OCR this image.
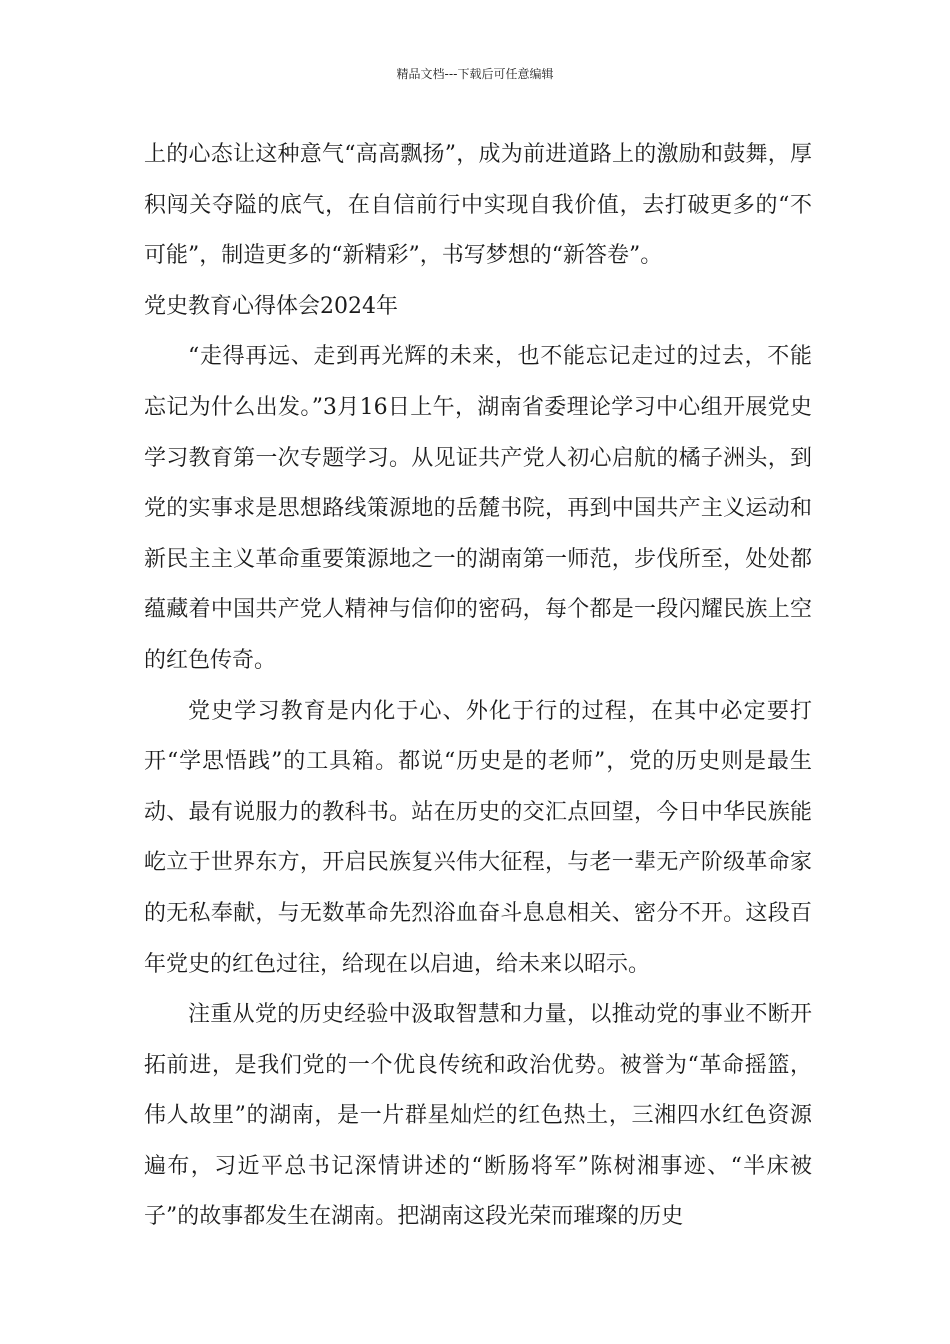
精品文档---下载后可任意编辑

上的心态让这种意气“高高飘扬”，成为前进道路上的激励和鼓舞，厚积闯关夺隘的底气，在自信前行中实现自我价值，去打破更多的“不可能”，制造更多的“新精彩”，书写梦想的“新答卷”。

党史教育心得体会2024年

“走得再远、走到再光辉的未来，也不能忘记走过的过去，不能忘记为什么出发。”3月16日上午，湖南省委理论学习中心组开展党史学习教育第一次专题学习。从见证共产党人初心启航的橘子洲头，到党的实事求是思想路线策源地的岳麓书院，再到中国共产主义运动和新民主主义革命重要策源地之一的湖南第一师范，步伐所至，处处都蕴藏着中国共产党人精神与信仰的密码，每个都是一段闪耀民族上空的红色传奇。

党史学习教育是内化于心、外化于行的过程，在其中必定要打开“学思悟践”的工具箱。都说“历史是的老师”，党的历史则是最生动、最有说服力的教科书。站在历史的交汇点回望，今日中华民族能屹立于世界东方，开启民族复兴伟大征程，与老一辈无产阶级革命家的无私奉献，与无数革命先烈浴血奋斗息息相关、密分不开。这段百年党史的红色过往，给现在以启迪，给未来以昭示。

注重从党的历史经验中汲取智慧和力量，以推动党的事业不断开拓前进，是我们党的一个优良传统和政治优势。被誉为“革命摇篮，伟人故里”的湖南，是一片群星灿烂的红色热土，三湘四水红色资源遍布，习近平总书记深情讲述的“断肠将军”陈树湘事迹、“半床被子”的故事都发生在湖南。把湖南这段光荣而璀璨的历史
